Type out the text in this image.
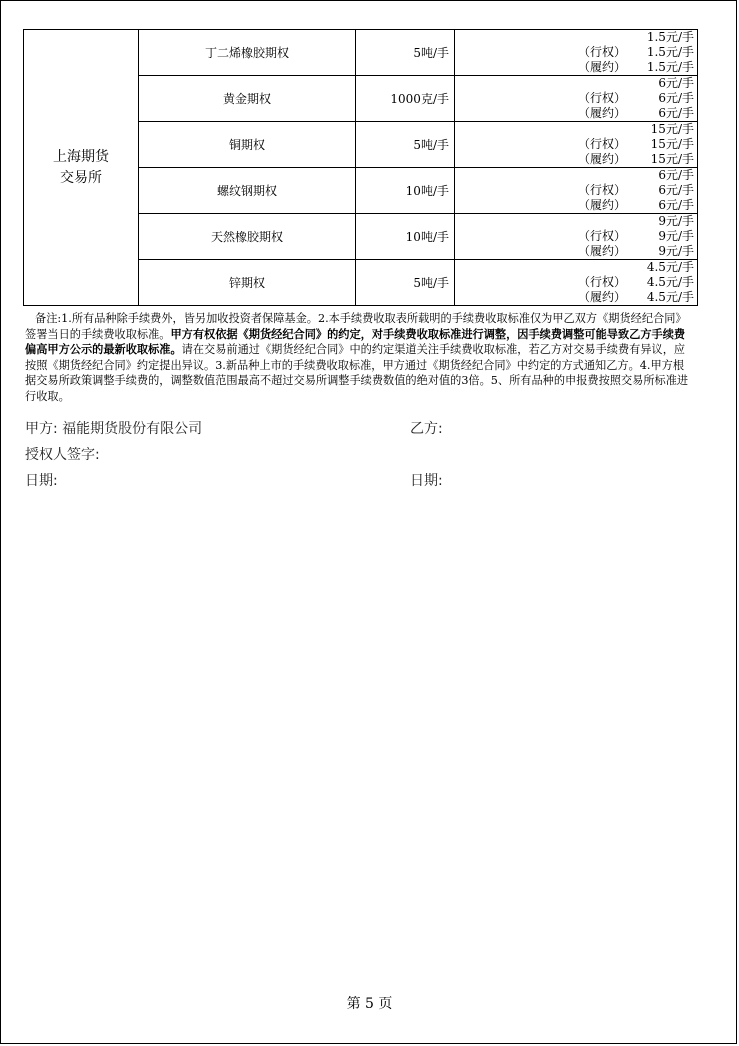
上海期货交易所	丁二烯橡胶期权	5吨/手	1.5元/手
（行权） 1.5元/手
（履约） 1.5元/手

	黄金期权	1000克/手	6元/手
（行权） 6元/手
（履约） 6元/手

	铜期权	5吨/手	15元/手
（行权） 15元/手
（履约） 15元/手

	螺纹钢期权	10吨/手	6元/手
（行权） 6元/手
（履约） 6元/手

	天然橡胶期权	10吨/手	9元/手
（行权） 9元/手
（履约） 9元/手

	锌期权	5吨/手	4.5元/手
（行权） 4.5元/手
（履约） 4.5元/手
备注:1.所有品种除手续费外，皆另加收投资者保障基金。2.本手续费收取表所载明的手续费收取标准仅为甲乙双方《期货经纪合同》签署当日的手续费收取标准。甲方有权依据《期货经纪合同》的约定，对手续费收取标准进行调整，因手续费调整可能导致乙方手续费偏高甲方公示的最新收取标准。请在交易前通过《期货经纪合同》中的约定渠道关注手续费收取标准，若乙方对交易手续费有异议，应按照《期货经纪合同》约定提出异议。3.新品种上市的手续费收取标准，甲方通过《期货经纪合同》中约定的方式通知乙方。4.甲方根据交易所政策调整手续费的，调整数值范围最高不超过交易所调整手续费数值的绝对值的3倍。5、所有品种的申报费按照交易所标准进行收取。
甲方: 福能期货股份有限公司	乙方:
授权人签字:
日期:	日期:
第 5 页
